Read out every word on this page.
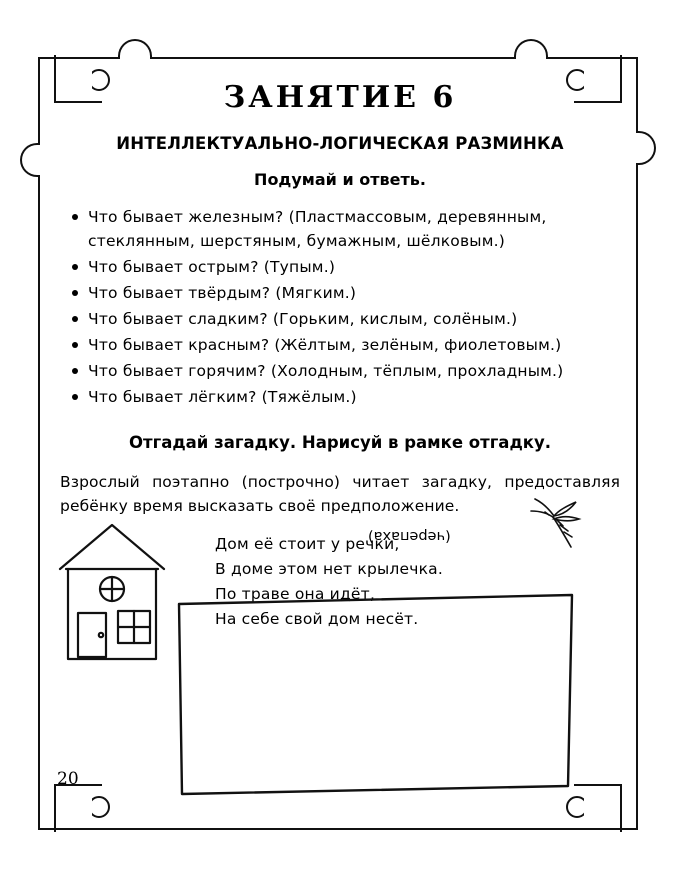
ЗАНЯТИЕ 6
ИНТЕЛЛЕКТУАЛЬНО-ЛОГИЧЕСКАЯ РАЗМИНКА
Подумай и ответь.
Что бывает железным? (Пластмассовым, деревянным,
стеклянным, шерстяным, бумажным, шёлковым.)
Что бывает острым? (Тупым.)
Что бывает твёрдым? (Мягким.)
Что бывает сладким? (Горьким, кислым, солёным.)
Что бывает красным? (Жёлтым, зелёным, фиолетовым.)
Что бывает горячим? (Холодным, тёплым, прохладным.)
Что бывает лёгким? (Тяжёлым.)
Отгадай загадку. Нарисуй в рамке отгадку.
Взрослый поэтапно (построчно) читает загадку, предоставляя ребёнку время высказать своё предположение.
Дом её стоит у речки,
В доме этом нет крылечка.
По траве она идёт,
На себе свой дом несёт.
(черепаха)
20
